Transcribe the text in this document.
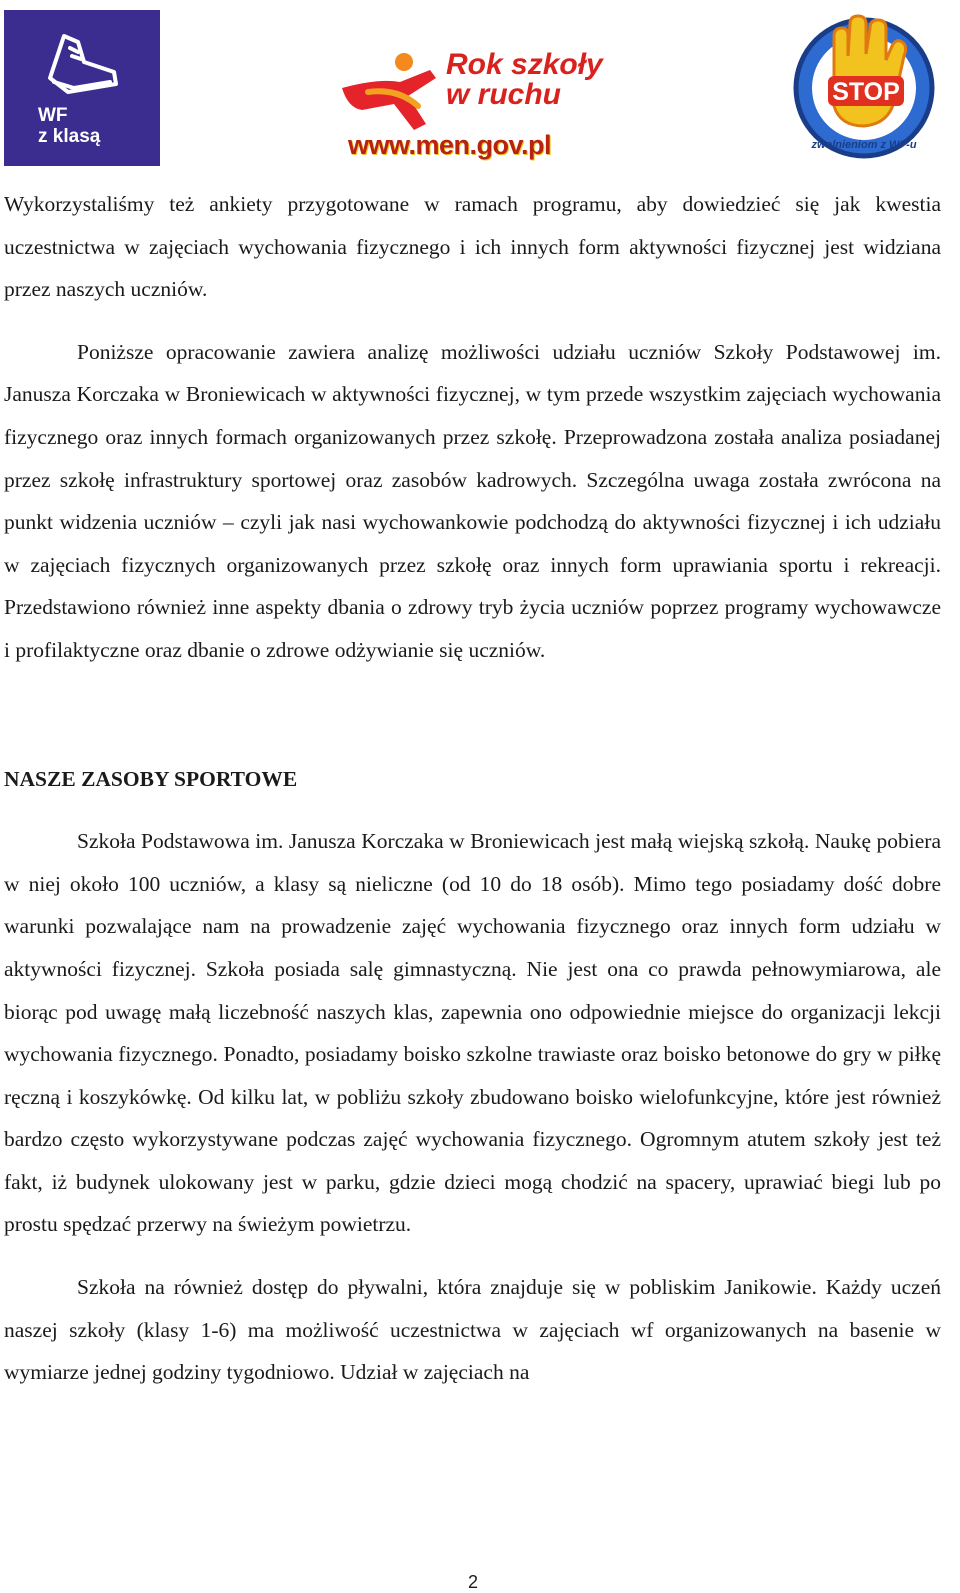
WF
z klasą
Rok szkoły
w ruchu
www.men.gov.pl
STOP
zwolnieniom z WF-u

Wykorzystaliśmy też ankiety przygotowane w ramach programu, aby dowiedzieć się jak kwestia uczestnictwa w zajęciach wychowania fizycznego i ich innych form aktywności fizycznej jest widziana przez naszych uczniów.

Poniższe opracowanie zawiera analizę możliwości udziału uczniów Szkoły Podstawowej im. Janusza Korczaka w Broniewicach w aktywności fizycznej, w tym przede wszystkim zajęciach wychowania fizycznego oraz innych formach organizowanych przez szkołę. Przeprowadzona została analiza posiadanej przez szkołę infrastruktury sportowej oraz zasobów kadrowych. Szczególna uwaga została zwrócona na punkt widzenia uczniów – czyli jak nasi wychowankowie podchodzą do aktywności fizycznej i ich udziału w zajęciach fizycznych organizowanych przez szkołę oraz innych form uprawiania sportu i rekreacji. Przedstawiono również inne aspekty dbania o zdrowy tryb życia uczniów poprzez programy wychowawcze i profilaktyczne oraz dbanie o zdrowe odżywianie się uczniów.

NASZE ZASOBY SPORTOWE

Szkoła Podstawowa im. Janusza Korczaka w Broniewicach jest małą wiejską szkołą. Naukę pobiera w niej około 100 uczniów, a klasy są nieliczne (od 10 do 18 osób). Mimo tego posiadamy dość dobre warunki pozwalające nam na prowadzenie zajęć wychowania fizycznego oraz innych form udziału w aktywności fizycznej. Szkoła posiada salę gimnastyczną. Nie jest ona co prawda pełnowymiarowa, ale biorąc pod uwagę małą liczebność naszych klas, zapewnia ono odpowiednie miejsce do organizacji lekcji wychowania fizycznego. Ponadto, posiadamy boisko szkolne trawiaste oraz boisko betonowe do gry w piłkę ręczną i koszykówkę. Od kilku lat, w pobliżu szkoły zbudowano boisko wielofunkcyjne, które jest również bardzo często wykorzystywane podczas zajęć wychowania fizycznego. Ogromnym atutem szkoły jest też fakt, iż budynek ulokowany jest w parku, gdzie dzieci mogą chodzić na spacery, uprawiać biegi lub po prostu spędzać przerwy na świeżym powietrzu.

Szkoła na również dostęp do pływalni, która znajduje się w pobliskim Janikowie. Każdy uczeń naszej szkoły (klasy 1-6) ma możliwość uczestnictwa w zajęciach wf organizowanych na basenie w wymiarze jednej godziny tygodniowo. Udział w zajęciach na

2
